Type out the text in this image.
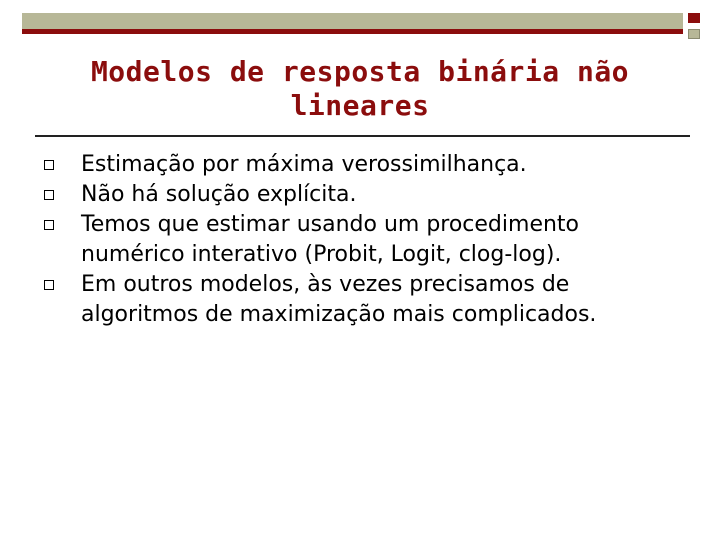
Modelos de resposta binária não
lineares
Estimação por máxima verossimilhança.
Não há solução explícita.
Temos que estimar usando um procedimento
numérico interativo (Probit, Logit, clog-log).
Em outros modelos, às vezes precisamos de
algoritmos de maximização mais complicados.
